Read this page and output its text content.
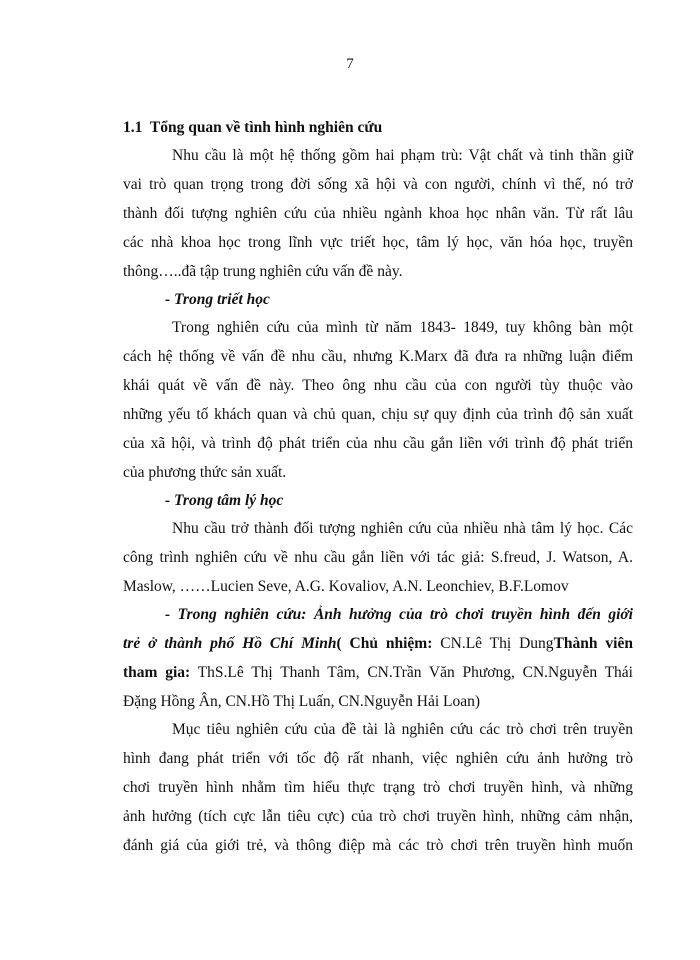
7
1.1 Tổng quan về tình hình nghiên cứu
Nhu cầu là một hệ thống gồm hai phạm trù: Vật chất và tinh thần giữ
vai trò quan trọng trong đời sống xã hội và con người, chính vì thế, nó trở
thành đối tượng nghiên cứu của nhiều ngành khoa học nhân văn. Từ rất lâu
các nhà khoa học trong lĩnh vực triết học, tâm lý học, văn hóa học, truyền
thông…..đã tập trung nghiên cứu vấn đề này.
- Trong triết học
Trong nghiên cứu của mình từ năm 1843- 1849, tuy không bàn một
cách hệ thống về vấn đề nhu cầu, nhưng K.Marx đã đưa ra những luận điểm
khái quát về vấn đề này. Theo ông nhu cầu của con người tùy thuộc vào
những yếu tố khách quan và chủ quan, chịu sự quy định của trình độ sản xuất
của xã hội, và trình độ phát triển của nhu cầu gắn liền với trình độ phát triển
của phương thức sản xuất.
- Trong tâm lý học
Nhu cầu trở thành đối tượng nghiên cứu của nhiều nhà tâm lý học. Các
công trình nghiên cứu về nhu cầu gắn liền với tác giả: S.freud, J. Watson, A.
Maslow, ……Lucien Seve, A.G. Kovaliov, A.N. Leonchiev, B.F.Lomov
- Trong nghiên cứu: Ảnh hưởng của trò chơi truyền hình đến giới
trẻ ở thành phố Hồ Chí Minh( Chủ nhiệm: CN.Lê Thị DungThành viên
tham gia: ThS.Lê Thị Thanh Tâm, CN.Trần Văn Phương, CN.Nguyễn Thái
Đặng Hồng Ân, CN.Hồ Thị Luấn, CN.Nguyễn Hải Loan)
Mục tiêu nghiên cứu của đề tài là nghiên cứu các trò chơi trên truyền
hình đang phát triển với tốc độ rất nhanh, việc nghiên cứu ảnh hưởng trò
chơi truyền hình nhằm tìm hiểu thực trạng trò chơi truyền hình, và những
ảnh hưởng (tích cực lẫn tiêu cực) của trò chơi truyền hình, những cảm nhận,
đánh giá của giới trẻ, và thông điệp mà các trò chơi trên truyền hình muốn
